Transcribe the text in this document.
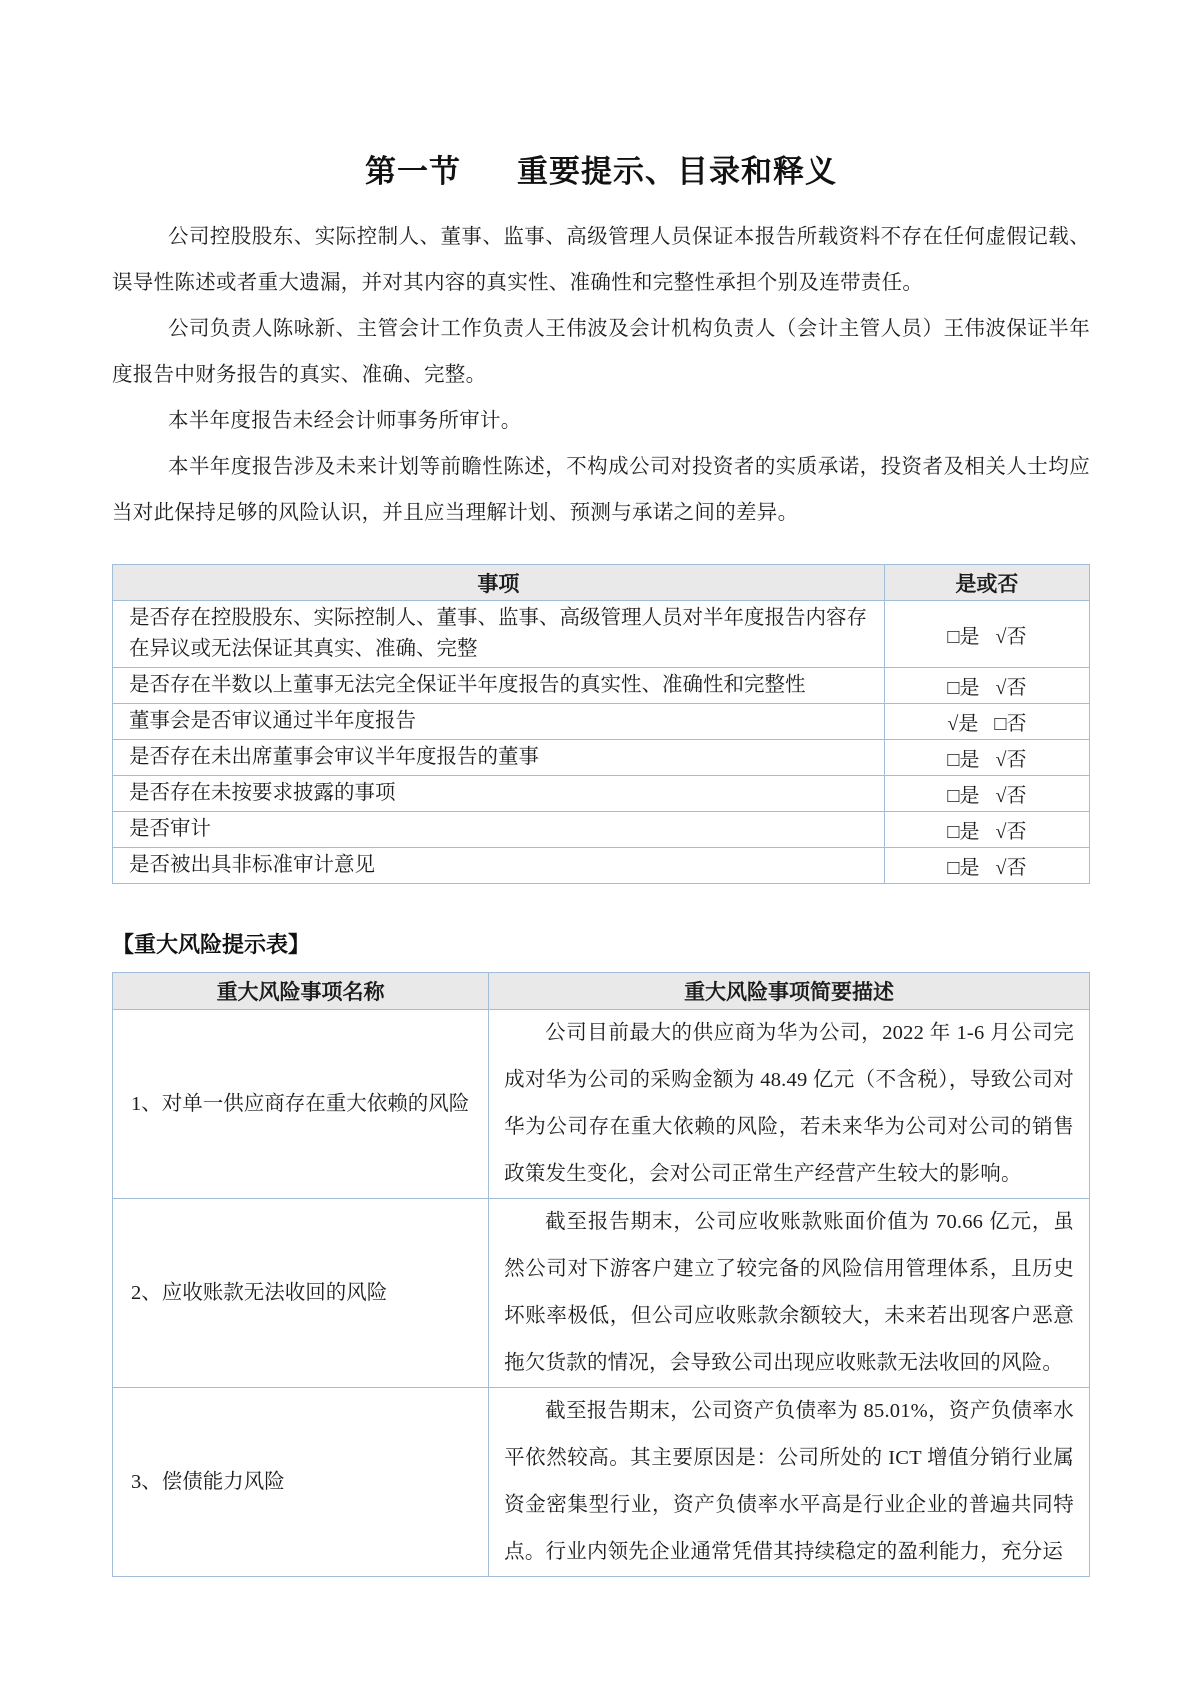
第一节 重要提示、目录和释义

公司控股股东、实际控制人、董事、监事、高级管理人员保证本报告所载资料不存在任何虚假记载、误导性陈述或者重大遗漏，并对其内容的真实性、准确性和完整性承担个别及连带责任。

公司负责人陈咏新、主管会计工作负责人王伟波及会计机构负责人（会计主管人员）王伟波保证半年度报告中财务报告的真实、准确、完整。

本半年度报告未经会计师事务所审计。

本半年度报告涉及未来计划等前瞻性陈述，不构成公司对投资者的实质承诺，投资者及相关人士均应当对此保持足够的风险认识，并且应当理解计划、预测与承诺之间的差异。

事项	是或否
是否存在控股股东、实际控制人、董事、监事、高级管理人员对半年度报告内容存在异议或无法保证其真实、准确、完整	□是 √否
是否存在半数以上董事无法完全保证半年度报告的真实性、准确性和完整性	□是 √否
董事会是否审议通过半年度报告	√是 □否
是否存在未出席董事会审议半年度报告的董事	□是 √否
是否存在未按要求披露的事项	□是 √否
是否审计	□是 √否
是否被出具非标准审计意见	□是 √否
【重大风险提示表】
重大风险事项名称	重大风险事项简要描述
1、对单一供应商存在重大依赖的风险	公司目前最大的供应商为华为公司，2022 年 1-6 月公司完成对华为公司的采购金额为 48.49 亿元（不含税），导致公司对华为公司存在重大依赖的风险，若未来华为公司对公司的销售政策发生变化，会对公司正常生产经营产生较大的影响。
2、应收账款无法收回的风险	截至报告期末，公司应收账款账面价值为 70.66 亿元，虽然公司对下游客户建立了较完备的风险信用管理体系，且历史坏账率极低，但公司应收账款余额较大，未来若出现客户恶意拖欠货款的情况，会导致公司出现应收账款无法收回的风险。
3、偿债能力风险	截至报告期末，公司资产负债率为 85.01%，资产负债率水平依然较高。其主要原因是：公司所处的 ICT 增值分销行业属资金密集型行业，资产负债率水平高是行业企业的普遍共同特点。行业内领先企业通常凭借其持续稳定的盈利能力，充分运
